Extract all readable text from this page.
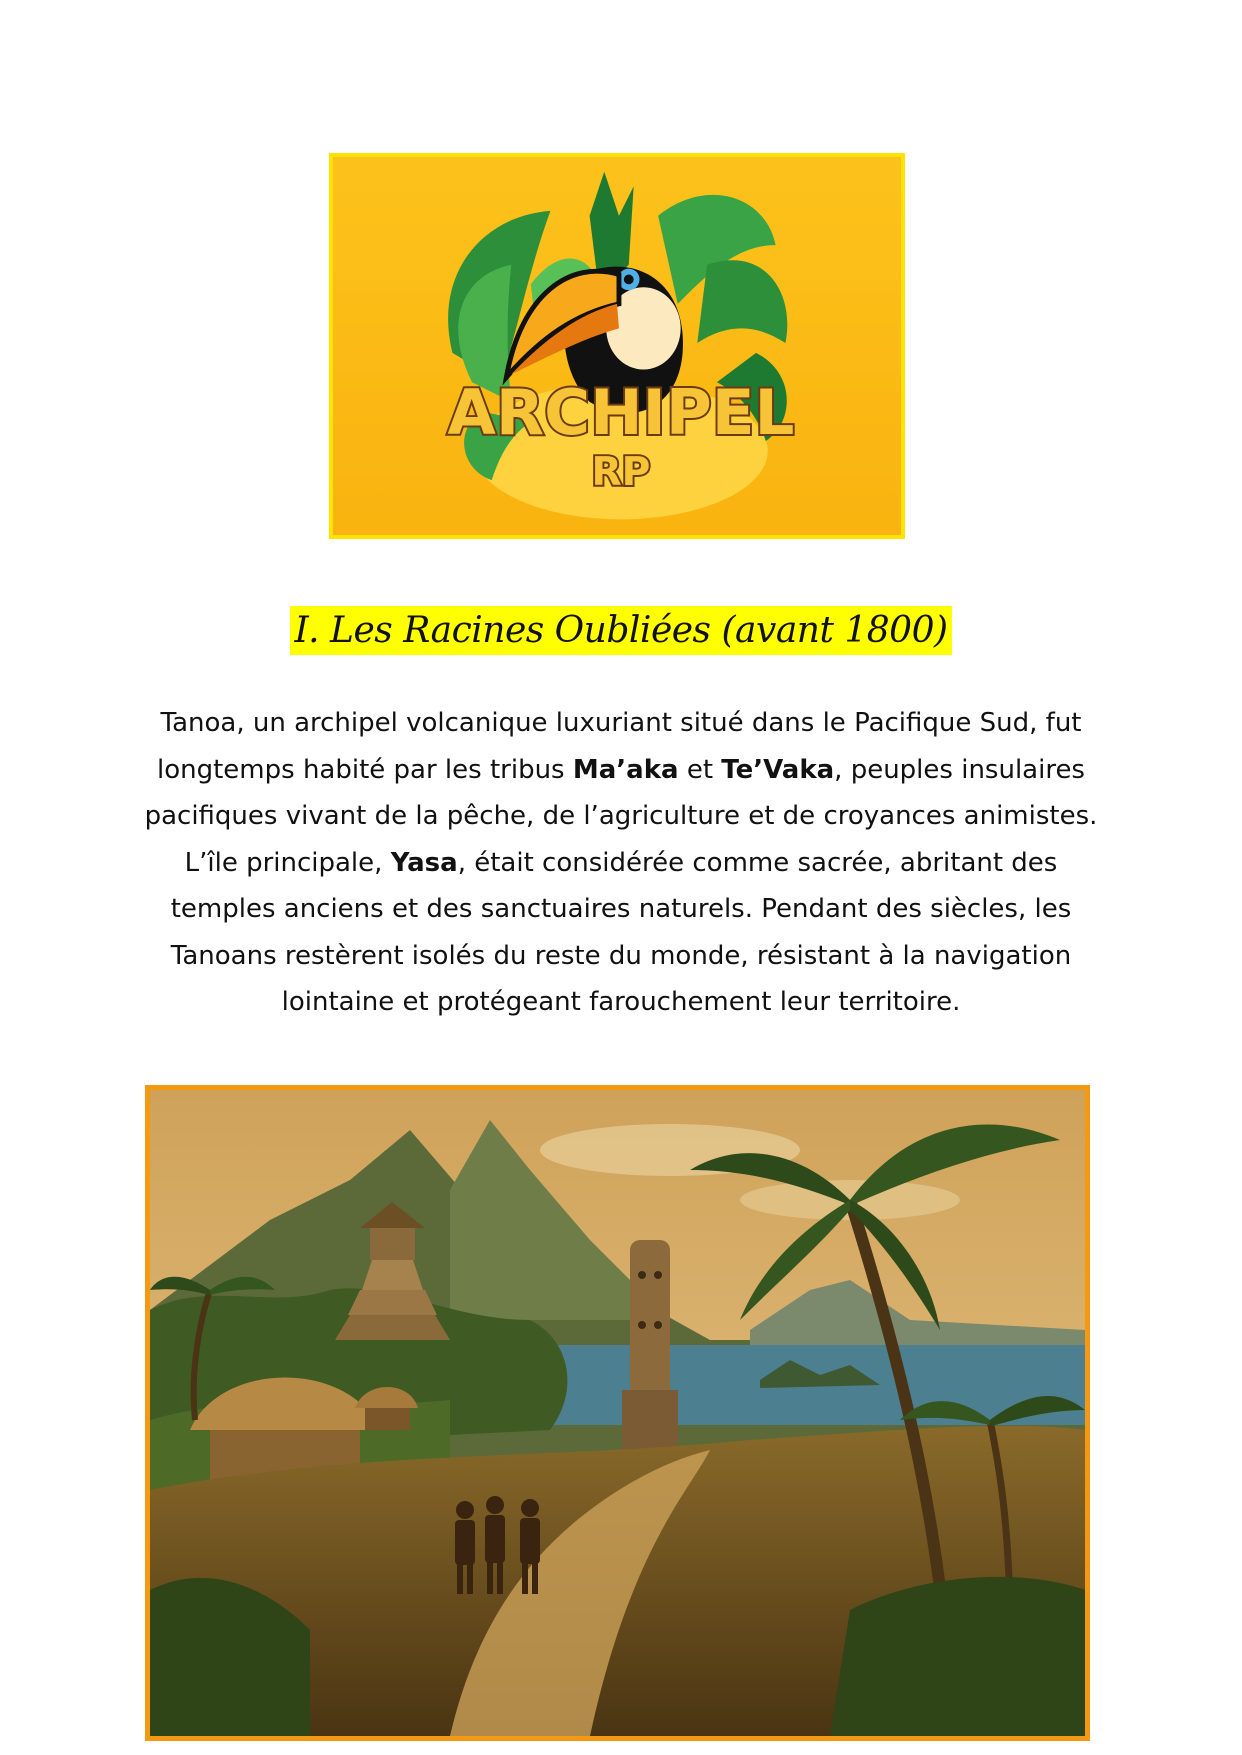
ARCHIPEL
RP
I. Les Racines Oubliées (avant 1800)
Tanoa, un archipel volcanique luxuriant situé dans le Pacifique Sud, fut longtemps habité par les tribus Ma’aka et Te’Vaka, peuples insulaires pacifiques vivant de la pêche, de l’agriculture et de croyances animistes.
L’île principale, Yasa, était considérée comme sacrée, abritant des temples anciens et des sanctuaires naturels. Pendant des siècles, les Tanoans restèrent isolés du reste du monde, résistant à la navigation lointaine et protégeant farouchement leur territoire.
